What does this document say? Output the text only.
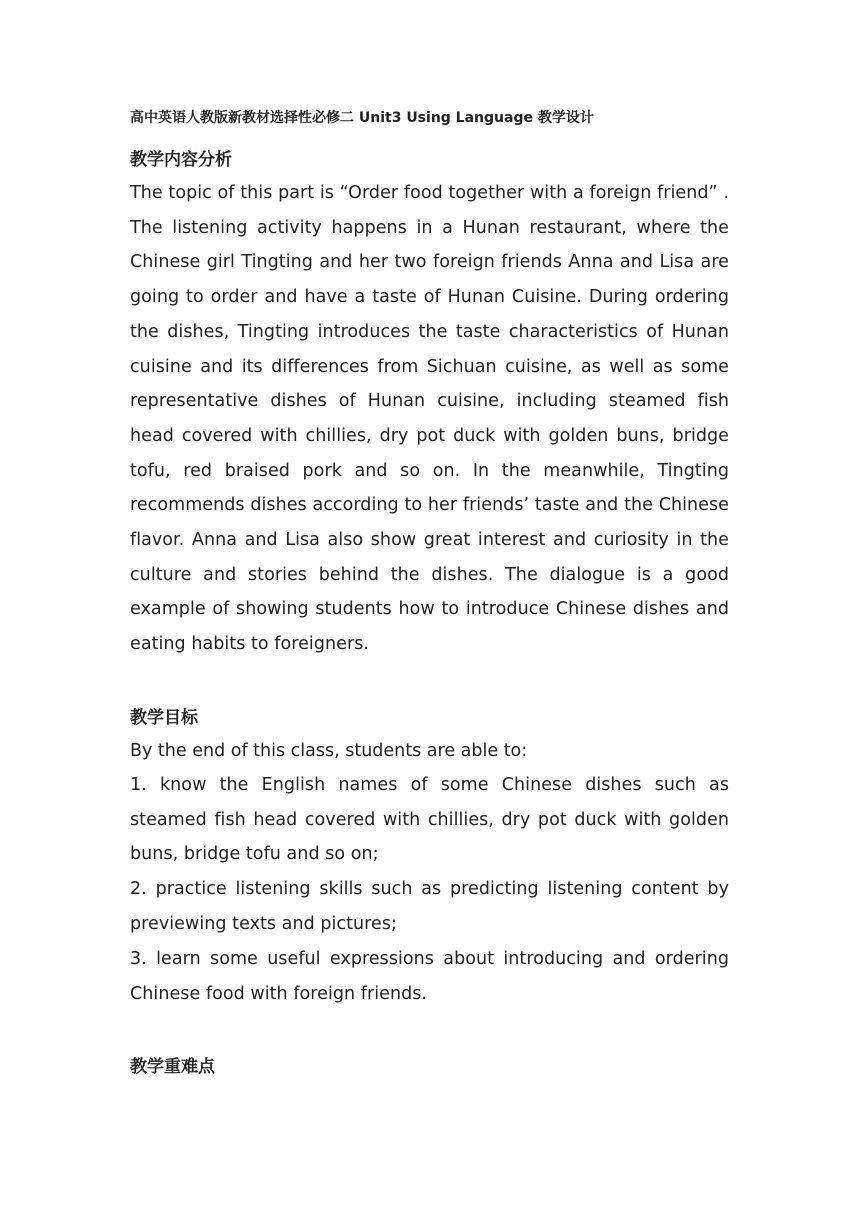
高中英语人教版新教材选择性必修二 Unit3 Using Language 教学设计
教学内容分析
The topic of this part is “Order food together with a foreign friend” . The listening activity happens in a Hunan restaurant, where the Chinese girl Tingting and her two foreign friends Anna and Lisa are going to order and have a taste of Hunan Cuisine. During ordering the dishes, Tingting introduces the taste characteristics of Hunan cuisine and its differences from Sichuan cuisine, as well as some representative dishes of Hunan cuisine, including steamed fish head covered with chillies, dry pot duck with golden buns, bridge tofu, red braised pork and so on. In the meanwhile, Tingting recommends dishes according to her friends’ taste and the Chinese flavor. Anna and Lisa also show great interest and curiosity in the culture and stories behind the dishes. The dialogue is a good example of showing students how to introduce Chinese dishes and eating habits to foreigners.
教学目标
By the end of this class, students are able to:
1. know the English names of some Chinese dishes such as steamed fish head covered with chillies, dry pot duck with golden buns, bridge tofu and so on;
2. practice listening skills such as predicting listening content by previewing texts and pictures;
3. learn some useful expressions about introducing and ordering Chinese food with foreign friends.
教学重难点
